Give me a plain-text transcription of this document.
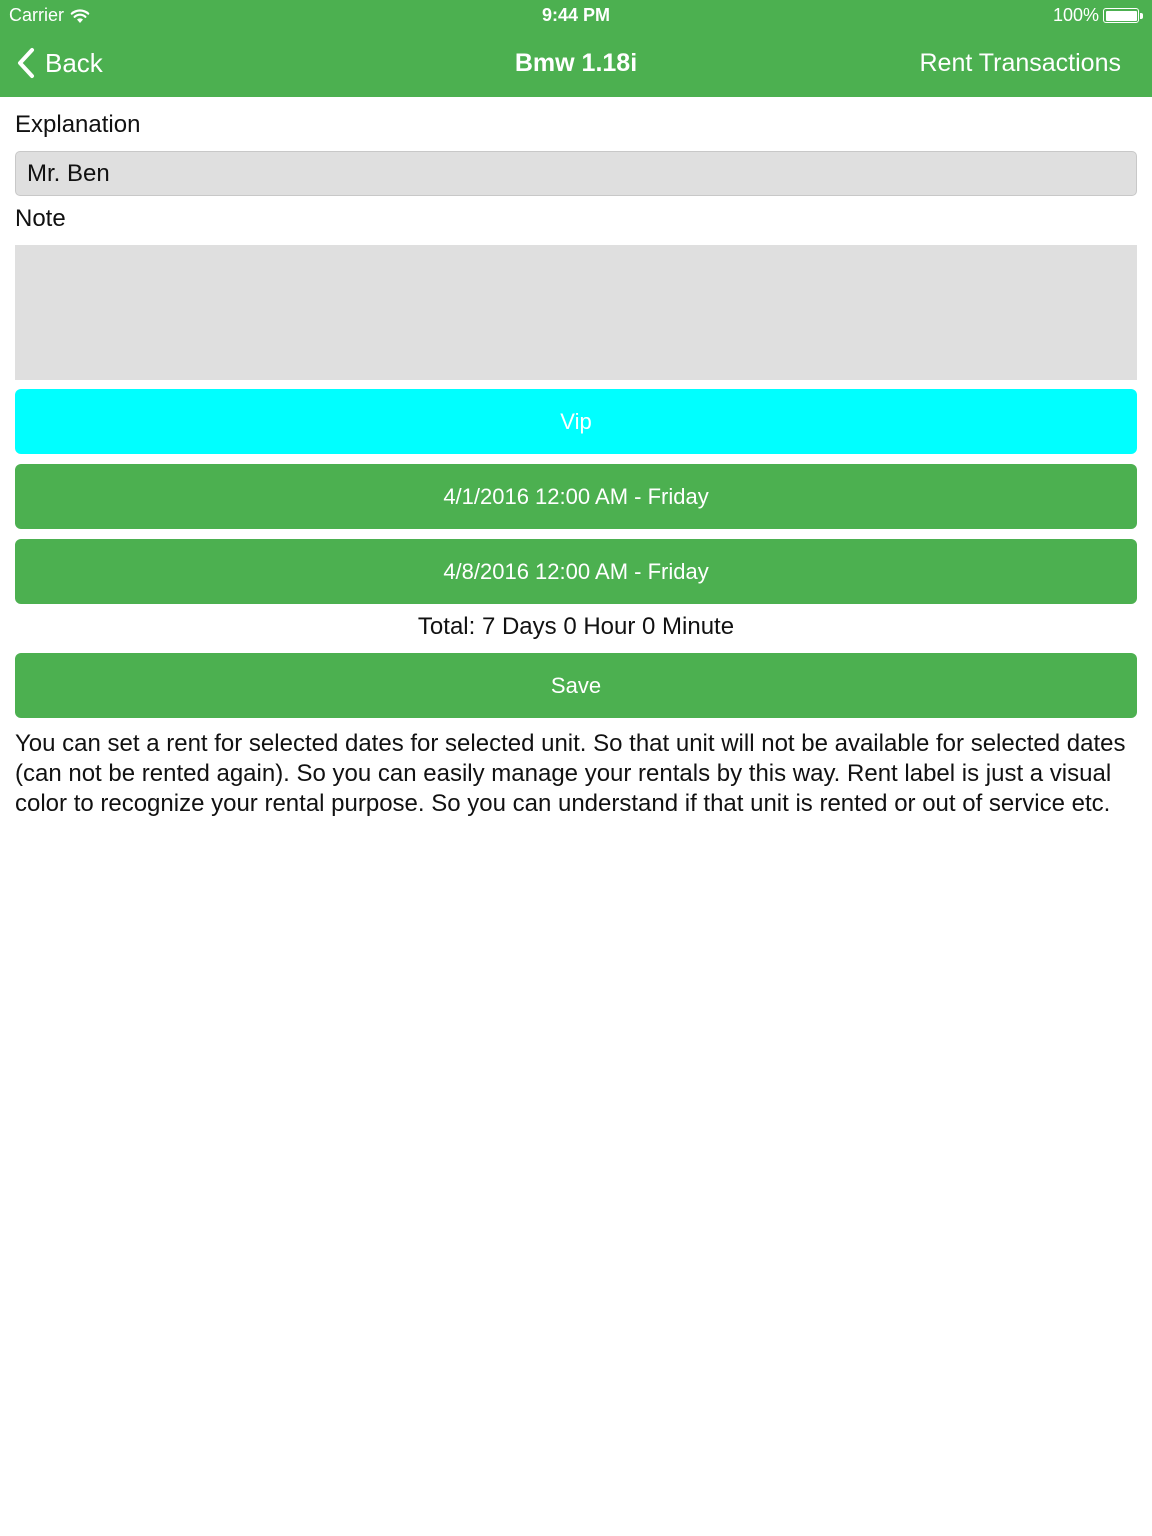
Carrier	9:44 PM	100%
Back	Bmw 1.18i	Rent Transactions
Explanation
Mr. Ben
Note
Vip
4/1/2016 12:00 AM - Friday
4/8/2016 12:00 AM - Friday
Total: 7 Days 0 Hour 0 Minute
Save

You can set a rent for selected dates for selected unit. So that unit will not be available for selected dates (can not be rented again). So you can easily manage your rentals by this way. Rent label is just a visual color to recognize your rental purpose. So you can understand if that unit is rented or out of service etc.
